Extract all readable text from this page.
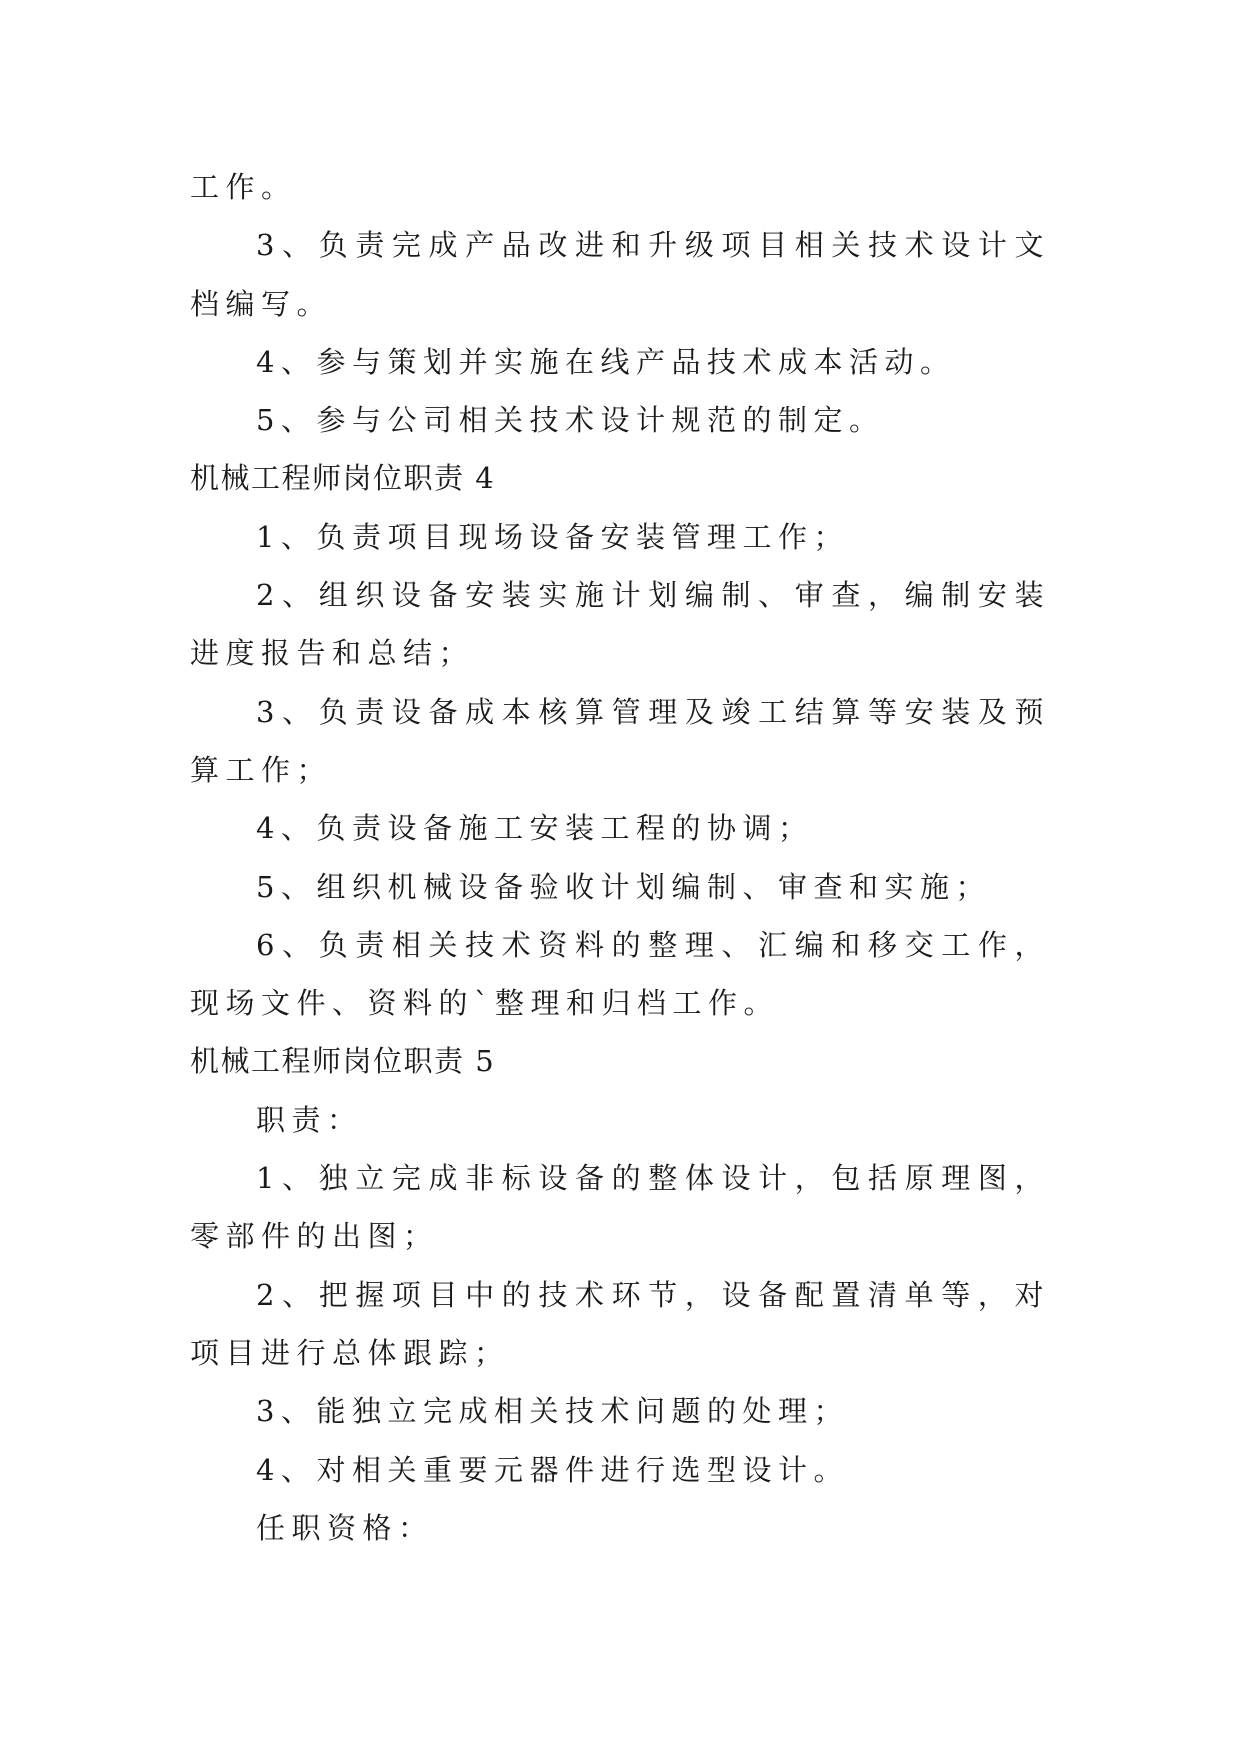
工作。

3、负责完成产品改进和升级项目相关技术设计文档编写。

4、参与策划并实施在线产品技术成本活动。

5、参与公司相关技术设计规范的制定。

机械工程师岗位职责 4

1、负责项目现场设备安装管理工作；

2、组织设备安装实施计划编制、审查，编制安装进度报告和总结；

3、负责设备成本核算管理及竣工结算等安装及预算工作；

4、负责设备施工安装工程的协调；

5、组织机械设备验收计划编制、审查和实施；

6、负责相关技术资料的整理、汇编和移交工作，现场文件、资料的`整理和归档工作。

机械工程师岗位职责 5

职责：

1、独立完成非标设备的整体设计，包括原理图，零部件的出图；

2、把握项目中的技术环节，设备配置清单等，对项目进行总体跟踪；

3、能独立完成相关技术问题的处理；

4、对相关重要元器件进行选型设计。

任职资格：
